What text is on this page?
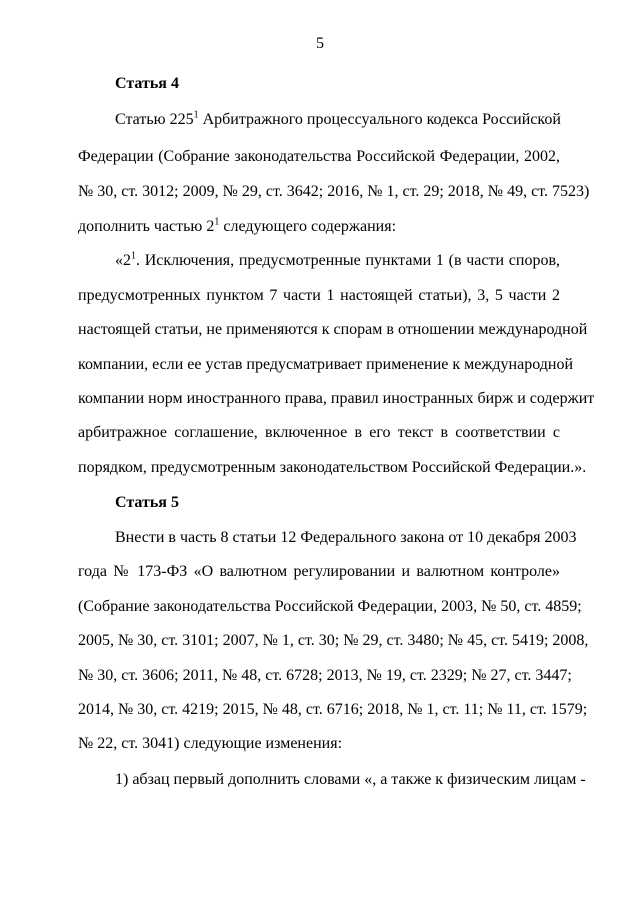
5
Статья 4
Статью $225^1$ Арбитражного процессуального кодекса Российской
Федерации (Собрание законодательства Российской Федерации, 2002,
№ 30, ст. 3012; 2009, № 29, ст. 3642; 2016, № 1, ст. 29; 2018, № 49, ст. 7523)
дополнить частью $2^1$ следующего содержания:
«$2^1$. Исключения, предусмотренные пунктами 1 (в части споров,
предусмотренных пунктом 7 части 1 настоящей статьи), 3, 5 части 2
настоящей статьи, не применяются к спорам в отношении международной
компании, если ее устав предусматривает применение к международной
компании норм иностранного права, правил иностранных бирж и содержит
арбитражное соглашение, включенное в его текст в соответствии с
порядком, предусмотренным законодательством Российской Федерации.».
Статья 5
Внести в часть 8 статьи 12 Федерального закона от 10 декабря 2003
года № 173-ФЗ «О валютном регулировании и валютном контроле»
(Собрание законодательства Российской Федерации, 2003, № 50, ст. 4859;
2005, № 30, ст. 3101; 2007, № 1, ст. 30; № 29, ст. 3480; № 45, ст. 5419; 2008,
№ 30, ст. 3606; 2011, № 48, ст. 6728; 2013, № 19, ст. 2329; № 27, ст. 3447;
2014, № 30, ст. 4219; 2015, № 48, ст. 6716; 2018, № 1, ст. 11; № 11, ст. 1579;
№ 22, ст. 3041) следующие изменения:
1) абзац первый дополнить словами «, а также к физическим лицам -
